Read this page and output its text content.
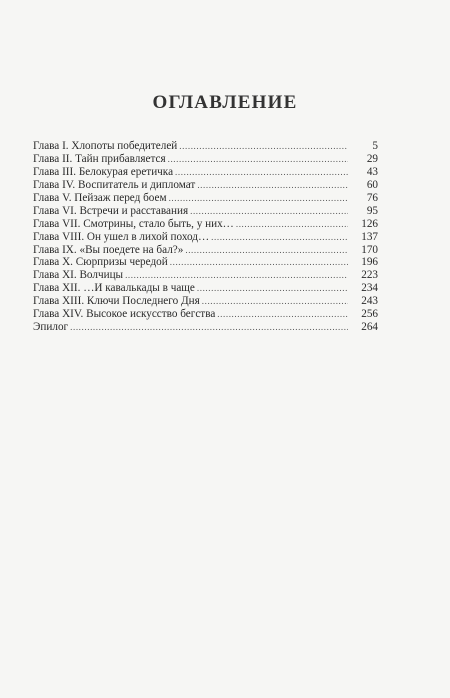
ОГЛАВЛЕНИЕ
Глава I. Хлопоты победителей .....	5
Глава II. Тайн прибавляется .....	29
Глава III. Белокурая еретичка .....	43
Глава IV. Воспитатель и дипломат .....	60
Глава V. Пейзаж перед боем .....	76
Глава VI. Встречи и расставания .....	95
Глава VII. Смотрины, стало быть, у них… .....	126
Глава VIII. Он ушел в лихой поход… .....	137
Глава IX. «Вы поедете на бал?» .....	170
Глава X. Сюрпризы чередой .....	196
Глава XI. Волчицы .....	223
Глава XII. …И кавалькады в чаще .....	234
Глава XIII. Ключи Последнего Дня .....	243
Глава XIV. Высокое искусство бегства .....	256
Эпилог .....	264
